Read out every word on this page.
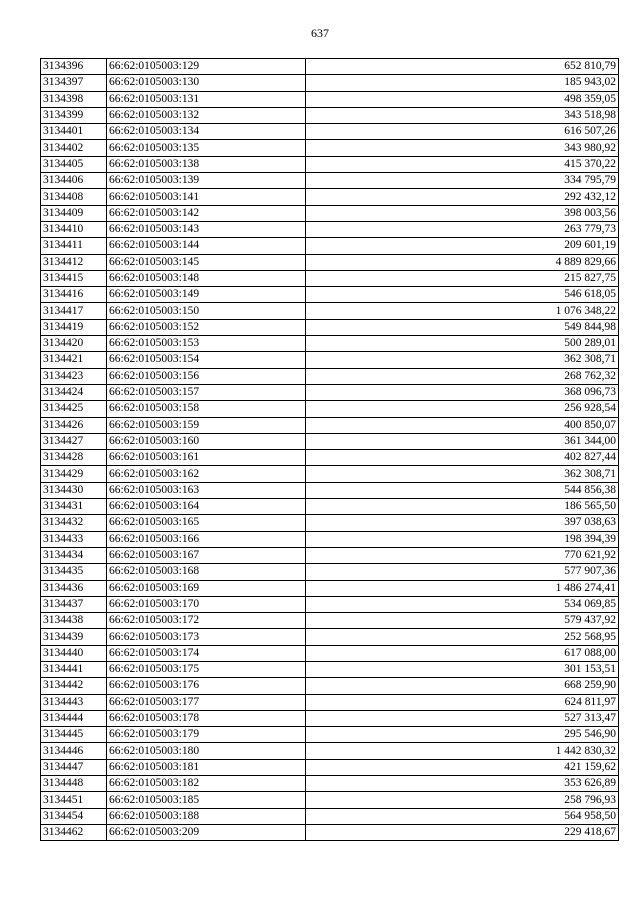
637
3134396	66:62:0105003:129	652 810,79
3134397	66:62:0105003:130	185 943,02
3134398	66:62:0105003:131	498 359,05
3134399	66:62:0105003:132	343 518,98
3134401	66:62:0105003:134	616 507,26
3134402	66:62:0105003:135	343 980,92
3134405	66:62:0105003:138	415 370,22
3134406	66:62:0105003:139	334 795,79
3134408	66:62:0105003:141	292 432,12
3134409	66:62:0105003:142	398 003,56
3134410	66:62:0105003:143	263 779,73
3134411	66:62:0105003:144	209 601,19
3134412	66:62:0105003:145	4 889 829,66
3134415	66:62:0105003:148	215 827,75
3134416	66:62:0105003:149	546 618,05
3134417	66:62:0105003:150	1 076 348,22
3134419	66:62:0105003:152	549 844,98
3134420	66:62:0105003:153	500 289,01
3134421	66:62:0105003:154	362 308,71
3134423	66:62:0105003:156	268 762,32
3134424	66:62:0105003:157	368 096,73
3134425	66:62:0105003:158	256 928,54
3134426	66:62:0105003:159	400 850,07
3134427	66:62:0105003:160	361 344,00
3134428	66:62:0105003:161	402 827,44
3134429	66:62:0105003:162	362 308,71
3134430	66:62:0105003:163	544 856,38
3134431	66:62:0105003:164	186 565,50
3134432	66:62:0105003:165	397 038,63
3134433	66:62:0105003:166	198 394,39
3134434	66:62:0105003:167	770 621,92
3134435	66:62:0105003:168	577 907,36
3134436	66:62:0105003:169	1 486 274,41
3134437	66:62:0105003:170	534 069,85
3134438	66:62:0105003:172	579 437,92
3134439	66:62:0105003:173	252 568,95
3134440	66:62:0105003:174	617 088,00
3134441	66:62:0105003:175	301 153,51
3134442	66:62:0105003:176	668 259,90
3134443	66:62:0105003:177	624 811,97
3134444	66:62:0105003:178	527 313,47
3134445	66:62:0105003:179	295 546,90
3134446	66:62:0105003:180	1 442 830,32
3134447	66:62:0105003:181	421 159,62
3134448	66:62:0105003:182	353 626,89
3134451	66:62:0105003:185	258 796,93
3134454	66:62:0105003:188	564 958,50
3134462	66:62:0105003:209	229 418,67
